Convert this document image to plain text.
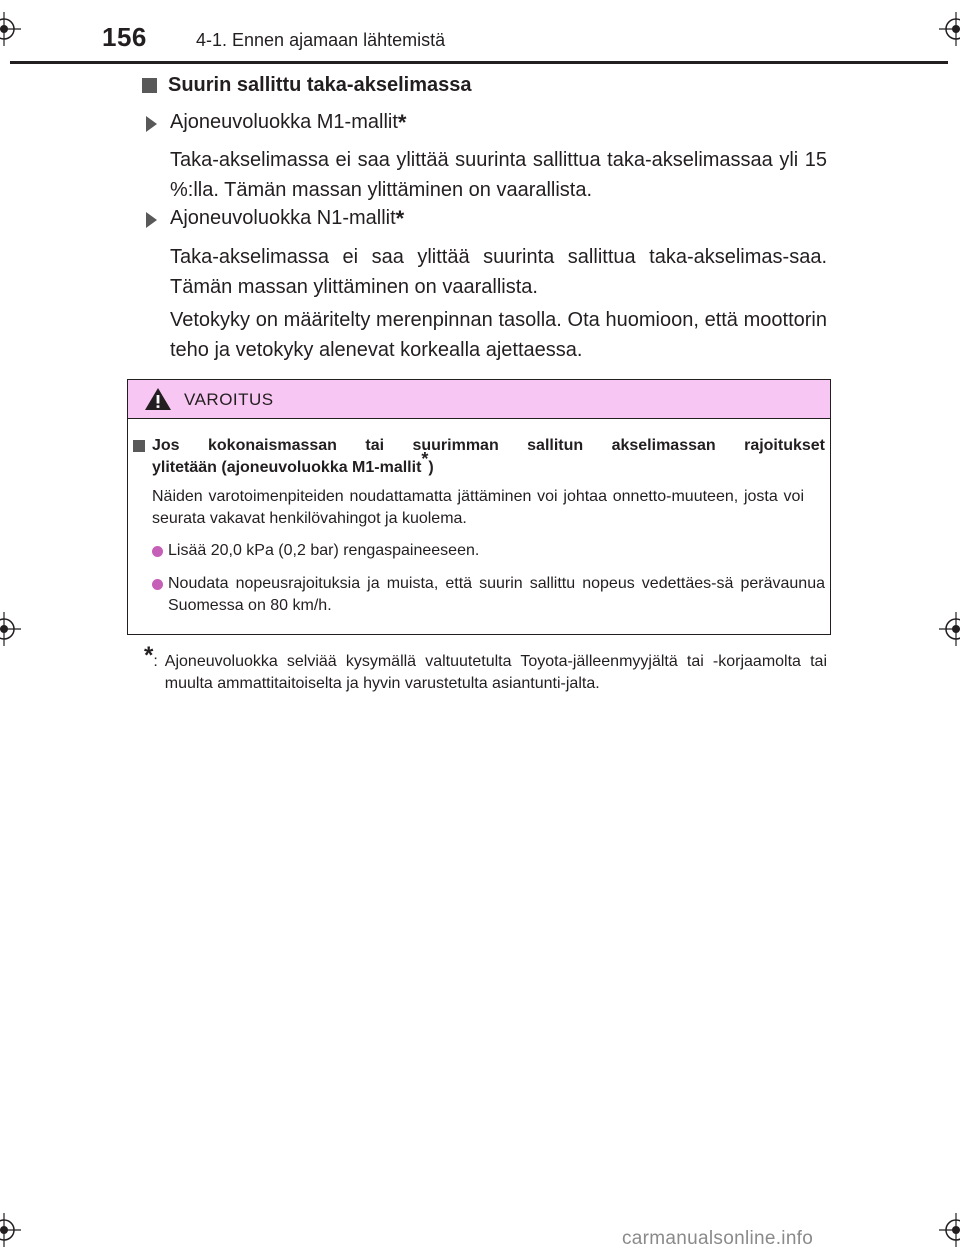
156	4-1. Ennen ajamaan lähtemistä
Suurin sallittu taka-akselimassa
Ajoneuvoluokka M1-mallit *
Taka-akselimassa ei saa ylittää suurinta sallittua taka-akselimassaa yli 15 %:lla. Tämän massan ylittäminen on vaarallista.
Ajoneuvoluokka N1-mallit *
Taka-akselimassa ei saa ylittää suurinta sallittua taka-akselimas-saa. Tämän massan ylittäminen on vaarallista.
Vetokyky on määritelty merenpinnan tasolla. Ota huomioon, että moottorin teho ja vetokyky alenevat korkealla ajettaessa.
VAROITUS
Jos kokonaismassan tai suurimman sallitun akselimassan rajoitukset
ylitetään (ajoneuvoluokka M1-mallit*)
Näiden varotoimenpiteiden noudattamatta jättäminen voi johtaa onnetto-muuteen, josta voi seurata vakavat henkilövahingot ja kuolema.
Lisää 20,0 kPa (0,2 bar) rengaspaineeseen.
Noudata nopeusrajoituksia ja muista, että suurin sallittu nopeus vedettäes-sä perävaunua Suomessa on 80 km/h.
* : Ajoneuvoluokka selviää kysymällä valtuutetulta Toyota-jälleenmyyjältä tai -korjaamolta tai muulta ammattitaitoiselta ja hyvin varustetulta asiantunti-jalta.
carmanualsonline.info
